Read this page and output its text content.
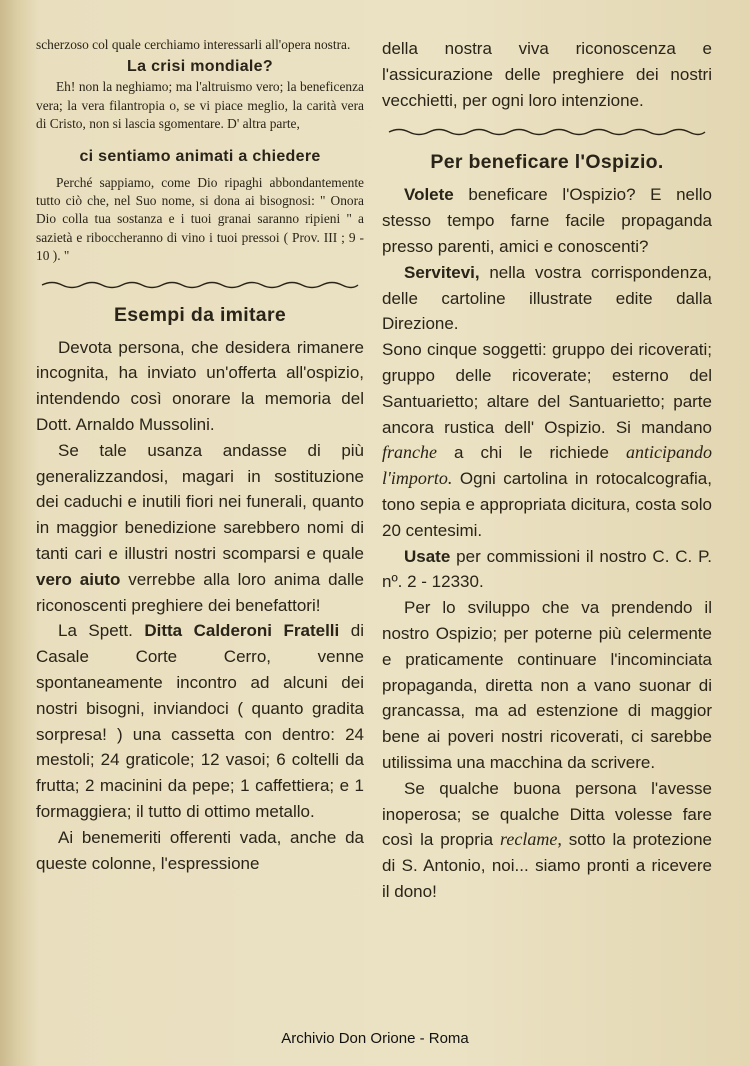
scherzoso col quale cerchiamo interessarli all'opera nostra.

La crisi mondiale?

Eh! non la neghiamo; ma l'altruismo vero; la beneficenza vera; la vera filantropia o, se vi piace meglio, la carità vera di Cristo, non si lascia sgomentare. D' altra parte,

ci sentiamo animati a chiedere

Perché sappiamo, come Dio ripaghi abbondantemente tutto ciò che, nel Suo nome, si dona ai bisognosi: " Onora Dio colla tua sostanza e i tuoi granai saranno ripieni " a sazietà e riboccheranno di vino i tuoi pressoi ( Prov. III ; 9 - 10 ). "

Esempi da imitare

Devota persona, che desidera rimanere incognita, ha inviato un'offerta all'ospizio, intendendo così onorare la memoria del Dott. Arnaldo Mussolini.

Se tale usanza andasse di più generalizzandosi, magari in sostituzione dei caduchi e inutili fiori nei funerali, quanto in maggior benedizione sarebbero nomi di tanti cari e illustri nostri scomparsi e quale vero aiuto verrebbe alla loro anima dalle riconoscenti preghiere dei benefattori!

La Spett. Ditta Calderoni Fratelli di Casale Corte Cerro, venne spontaneamente incontro ad alcuni dei nostri bisogni, inviandoci ( quanto gradita sorpresa! ) una cassetta con dentro: 24 mestoli; 24 graticole; 12 vasoi; 6 coltelli da frutta; 2 macinini da pepe; 1 caffettiera; e 1 formaggiera; il tutto di ottimo metallo.

Ai benemeriti offerenti vada, anche da queste colonne, l'espressione

della nostra viva riconoscenza e l'assicurazione delle preghiere dei nostri vecchietti, per ogni loro intenzione.

Per beneficare l'Ospizio.

Volete beneficare l'Ospizio? E nello stesso tempo farne facile propaganda presso parenti, amici e conoscenti?

Servitevi, nella vostra corrispondenza, delle cartoline illustrate edite dalla Direzione.

Sono cinque soggetti: gruppo dei ricoverati; gruppo delle ricoverate; esterno del Santuarietto; altare del Santuarietto; parte ancora rustica dell' Ospizio. Si mandano franche a chi le richiede anticipando l'importo. Ogni cartolina in rotocalcografia, tono sepia e appropriata dicitura, costa solo 20 centesimi.

Usate per commissioni il nostro C. C. P. nº. 2 - 12330.

Per lo sviluppo che va prendendo il nostro Ospizio; per poterne più celermente e praticamente continuare l'incominciata propaganda, diretta non a vano suonar di grancassa, ma ad estenzione di maggior bene ai poveri nostri ricoverati, ci sarebbe utilissima una macchina da scrivere.

Se qualche buona persona l'avesse inoperosa; se qualche Ditta volesse fare così la propria reclame, sotto la protezione di S. Antonio, noi... siamo pronti a ricevere il dono!

Archivio Don Orione - Roma
